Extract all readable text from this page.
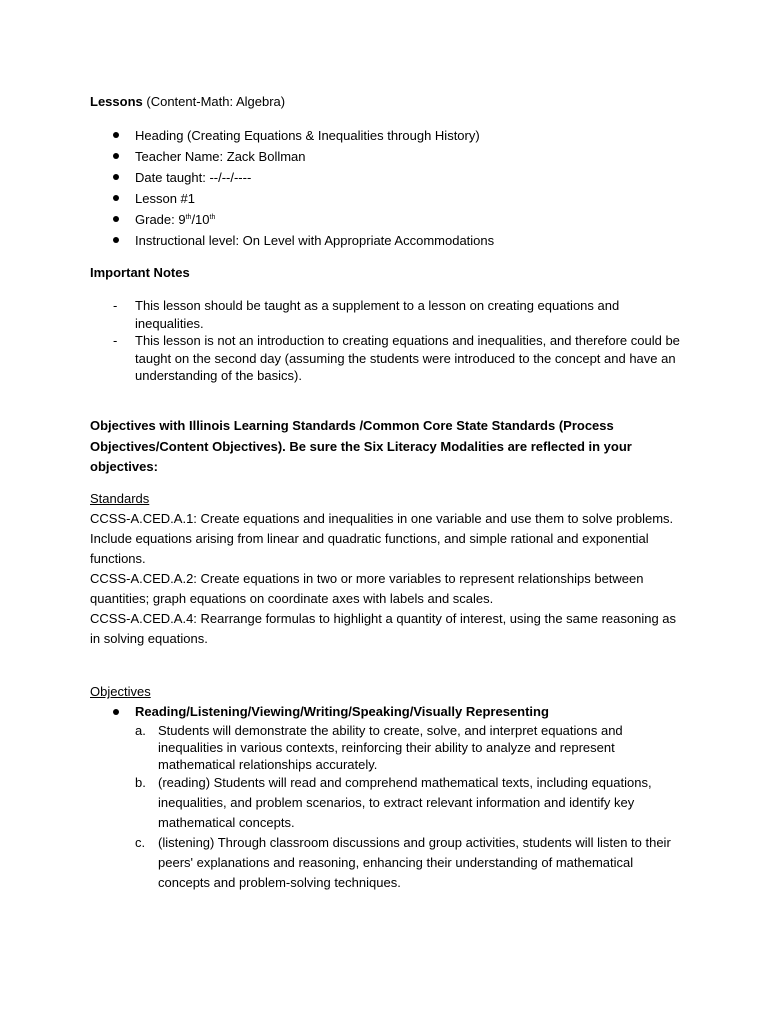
Lessons (Content-Math: Algebra)
Heading (Creating Equations & Inequalities through History)
Teacher Name: Zack Bollman
Date taught: --/--/----
Lesson #1
Grade: 9th/10th
Instructional level: On Level with Appropriate Accommodations
Important Notes
- This lesson should be taught as a supplement to a lesson on creating equations and inequalities.
- This lesson is not an introduction to creating equations and inequalities, and therefore could be taught on the second day (assuming the students were introduced to the concept and have an understanding of the basics).
Objectives with Illinois Learning Standards /Common Core State Standards (Process Objectives/Content Objectives). Be sure the Six Literacy Modalities are reflected in your objectives:
Standards
CCSS-A.CED.A.1: Create equations and inequalities in one variable and use them to solve problems. Include equations arising from linear and quadratic functions, and simple rational and exponential functions.
CCSS-A.CED.A.2: Create equations in two or more variables to represent relationships between quantities; graph equations on coordinate axes with labels and scales.
CCSS-A.CED.A.4: Rearrange formulas to highlight a quantity of interest, using the same reasoning as in solving equations.
Objectives
Reading/Listening/Viewing/Writing/Speaking/Visually Representing
a. Students will demonstrate the ability to create, solve, and interpret equations and inequalities in various contexts, reinforcing their ability to analyze and represent mathematical relationships accurately.
b. (reading) Students will read and comprehend mathematical texts, including equations, inequalities, and problem scenarios, to extract relevant information and identify key mathematical concepts.
c. (listening) Through classroom discussions and group activities, students will listen to their peers' explanations and reasoning, enhancing their understanding of mathematical concepts and problem-solving techniques.
